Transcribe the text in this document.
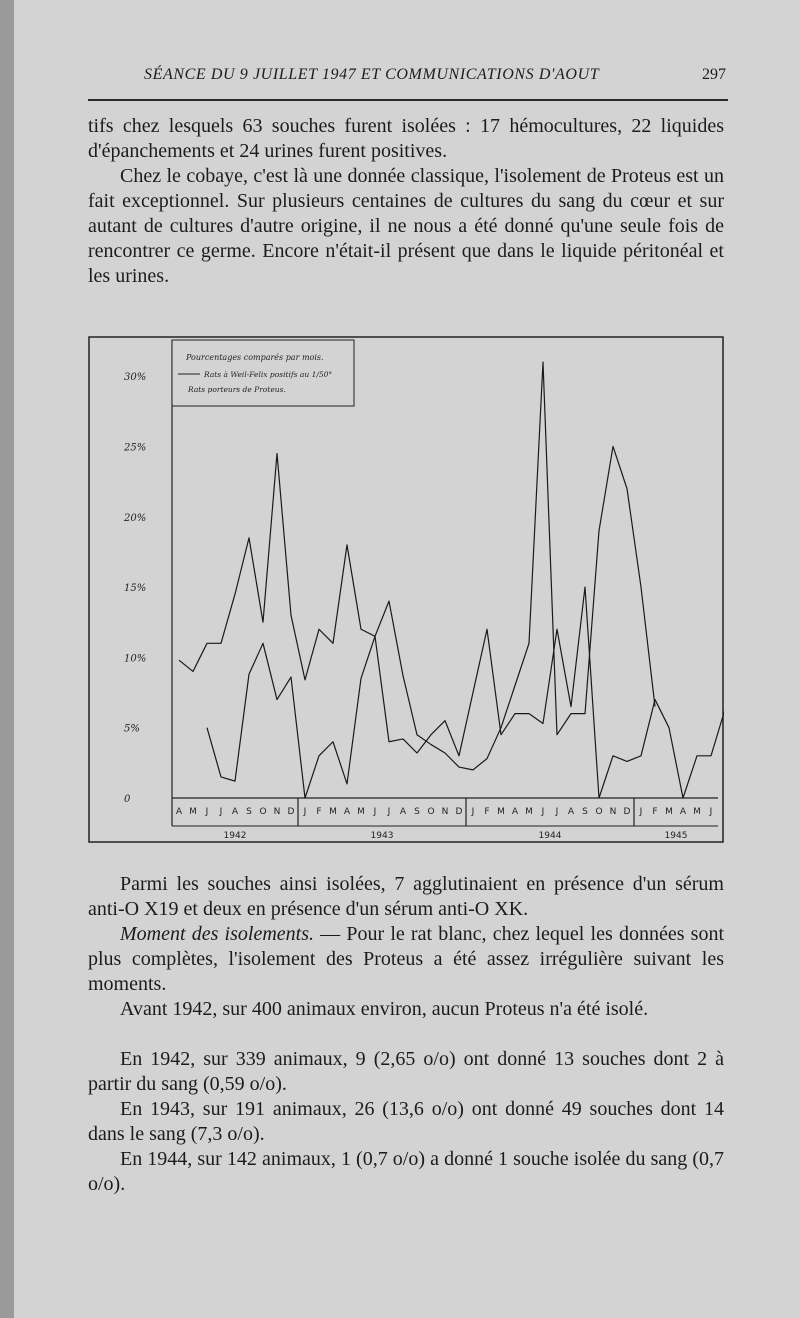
SÉANCE DU 9 JUILLET 1947 ET COMMUNICATIONS D'AOUT	297

tifs chez lesquels 63 souches furent isolées : 17 hémocultures, 22 liquides d'épanchements et 24 urines furent positives.

Chez le cobaye, c'est là une donnée classique, l'isolement de Proteus est un fait exceptionnel. Sur plusieurs centaines de cultures du sang du cœur et sur autant de cultures d'autre origine, il ne nous a été donné qu'une seule fois de rencontrer ce germe. Encore n'était-il présent que dans le liquide péritonéal et les urines.

0
5%
10%
15%
20%
25%
30%
A M J J A S O N D J F M A M J J A S O N D J F M A M J J A S O N D J F M A M J
1942	1943	1944	1945
Pourcentages comparés par mois.
Rats à Weil-Felix positifs au 1/50°
Rats porteurs de Proteus.

Parmi les souches ainsi isolées, 7 agglutinaient en présence d'un sérum anti-O X19 et deux en présence d'un sérum anti-O XK.

Moment des isolements. — Pour le rat blanc, chez lequel les données sont plus complètes, l'isolement des Proteus a été assez irrégulière suivant les moments.

Avant 1942, sur 400 animaux environ, aucun Proteus n'a été isolé.

En 1942, sur 339 animaux, 9 (2,65 o/o) ont donné 13 souches dont 2 à partir du sang (0,59 o/o).

En 1943, sur 191 animaux, 26 (13,6 o/o) ont donné 49 souches dont 14 dans le sang (7,3 o/o).

En 1944, sur 142 animaux, 1 (0,7 o/o) a donné 1 souche isolée du sang (0,7 o/o).
